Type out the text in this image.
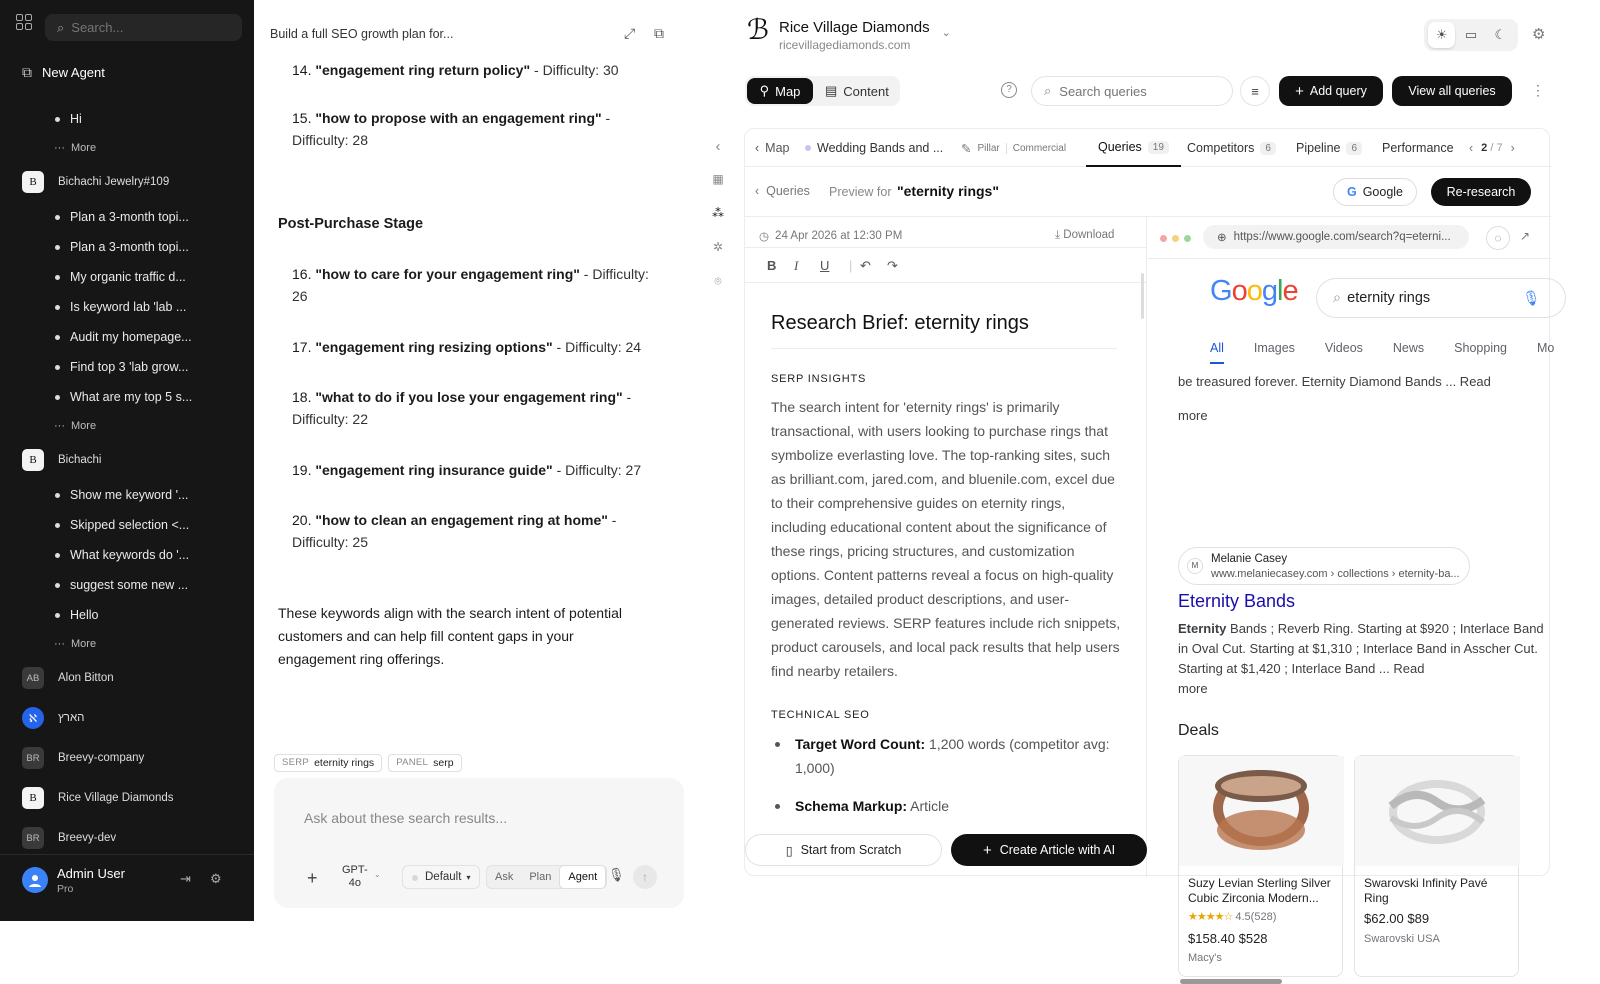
⌕
Search...
⧉ New Agent
Hi
··· More
B	Bichachi Jewelry#109
Plan a 3-month topi...
Plan a 3-month topi...
My organic traffic d...
Is keyword lab 'lab ...
Audit my homepage...
Find top 3 'lab grow...
What are my top 5 s...
··· More
B	Bichachi
Show me keyword '...
Skipped selection <...
What keywords do '...
suggest some new ...
Hello
··· More
AB	Alon Bitton
ℵ	הארץ
BR	Breevy-company
B	Rice Village Diamonds
BR	Breevy-dev
Admin User
Pro
⇥ ⚙
Build a full SEO growth plan for...	⤢ ⧉
14. "engagement ring return policy" - Difficulty: 30
15. "how to propose with an engagement ring" - Difficulty: 28
Post-Purchase Stage
16. "how to care for your engagement ring" - Difficulty: 26
17. "engagement ring resizing options" - Difficulty: 24
18. "what to do if you lose your engagement ring" - Difficulty: 22
19. "engagement ring insurance guide" - Difficulty: 27
20. "how to clean an engagement ring at home" - Difficulty: 25
These keywords align with the search intent of potential customers and can help fill content gaps in your engagement ring offerings.
SERP eternity rings PANEL serp
Ask about these search results...
+ GPT-
4o
⌄	Default ▾	Ask	Plan	Agent 🎙	↑
‹
▦
⁂
✲
⌾
ℬ Rice Village Diamonds
ricevillagediamonds.com
⌄	☀	▭	☾	⚙
⚲ Map ▤ Content	?	⌕
Search queries	≡	+ Add query	View all queries	⋮
‹ Map Wedding Bands and ... ✎ Pillar	Commercial	Queries	19	Competitors	6	Pipeline	6	Performance ‹ 2 / 7 ›
‹ Queries Preview for "eternity rings"	G Google	Re-research
◷ 24 Apr 2026 at 12:30 PM	⤓ Download
B I U | ↶ ↷
Research Brief: eternity rings
SERP INSIGHTS
The search intent for 'eternity rings' is primarily transactional, with users looking to purchase rings that symbolize everlasting love. The top-ranking sites, such as brilliant.com, jared.com, and bluenile.com, excel due to their comprehensive guides on eternity rings, including educational content about the significance of these rings, pricing structures, and customization options. Content patterns reveal a focus on high-quality images, detailed product descriptions, and user-generated reviews. SERP features include rich snippets, product carousels, and local pack results that help users find nearby retailers.
TECHNICAL SEO
Target Word Count: 1,200 words (competitor avg: 1,000)
Schema Markup: Article
▯ Start from Scratch	+ Create Article with AI
⊕ https://www.google.com/search?q=eterni...	◌	↗
Google ⌕ eternity rings	🎙
All Images Videos News Shopping Mo
be treasured forever. Eternity Diamond Bands ... Read
more
M
Melanie Casey
www.melaniecasey.com › collections › eternity-ba...
Eternity Bands
Eternity Bands ; Reverb Ring. Starting at $920 ; Interlace Band in Oval Cut. Starting at $1,310 ; Interlace Band in Asscher Cut. Starting at $1,420 ; Interlace Band ... Read
more
Deals
Suzy Levian Sterling Silver Cubic Zirconia Modern...
★★★★☆ 4.5(528)
$158.40 $528
Macy's
Swarovski Infinity Pavé Ring
$62.00 $89
Swarovski USA
